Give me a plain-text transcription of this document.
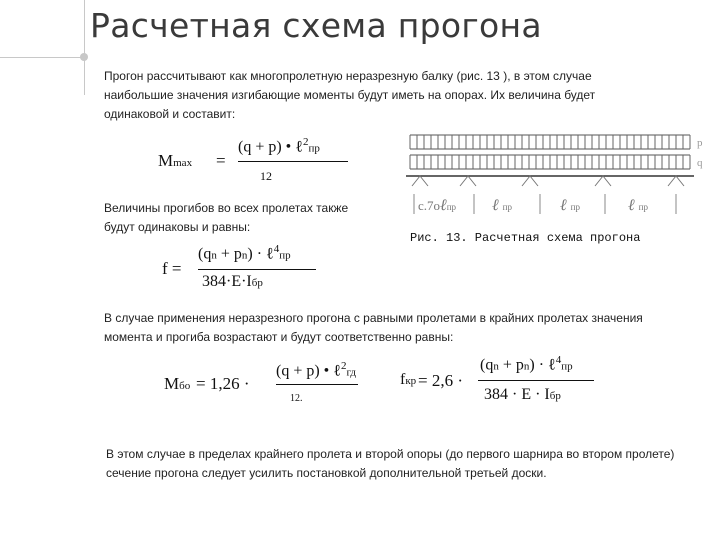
Расчетная схема прогона

Прогон рассчитывают как многопролетную неразрезную балку (рис. 13 ), в этом случае наибольшие значения изгибающие моменты будут иметь на опорах. Их величина будет одинаковой и составит:

Mmax =
(q + p) • ℓ$^2$пр
12

Величины прогибов во всех пролетах также будут одинаковы и равны:

f =
(qn + pn) · ℓ$^4$пр
384·E·Iбр
р
q
с.7оℓпр ℓпр	ℓпр	ℓпр
Рис. 13. Расчетная схема прогона

В случае применения неразрезного прогона с равными пролетами в крайних пролетах значения момента и прогиба возрастают и будут соответственно равны:

Mбо = 1,26 ·
(q + p) • ℓ$^2$гд
12.
fкр = 2,6 ·
(qn + pn) · ℓ$^4$пр
384 · E · Iбр

В этом случае в пределах крайнего пролета и второй опоры (до первого шарнира во втором пролете) сечение прогона следует усилить постановкой дополнительной третьей доски.
